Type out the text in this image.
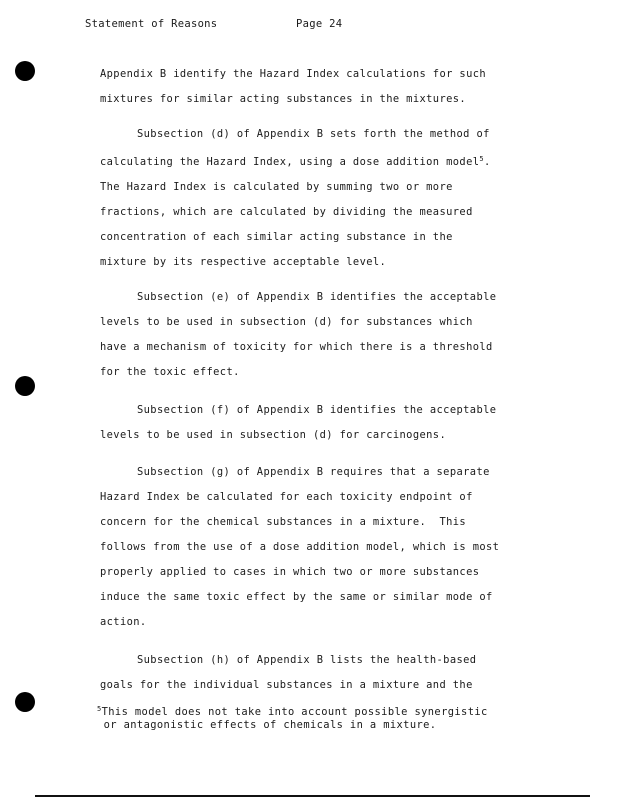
Statement of Reasons	Page 24

Appendix B identify the Hazard Index calculations for such

mixtures for similar acting substances in the mixtures.

Subsection (d) of Appendix B sets forth the method of

calculating the Hazard Index, using a dose addition model$^5$.

The Hazard Index is calculated by summing two or more

fractions, which are calculated by dividing the measured

concentration of each similar acting substance in the

mixture by its respective acceptable level.

Subsection (e) of Appendix B identifies the acceptable

levels to be used in subsection (d) for substances which

have a mechanism of toxicity for which there is a threshold

for the toxic effect.

Subsection (f) of Appendix B identifies the acceptable

levels to be used in subsection (d) for carcinogens.

Subsection (g) of Appendix B requires that a separate

Hazard Index be calculated for each toxicity endpoint of

concern for the chemical substances in a mixture.  This

follows from the use of a dose addition model, which is most

properly applied to cases in which two or more substances

induce the same toxic effect by the same or similar mode of

action.

Subsection (h) of Appendix B lists the health-based

goals for the individual substances in a mixture and the

$^5$This model does not take into account possible synergistic
or antagonistic effects of chemicals in a mixture.
